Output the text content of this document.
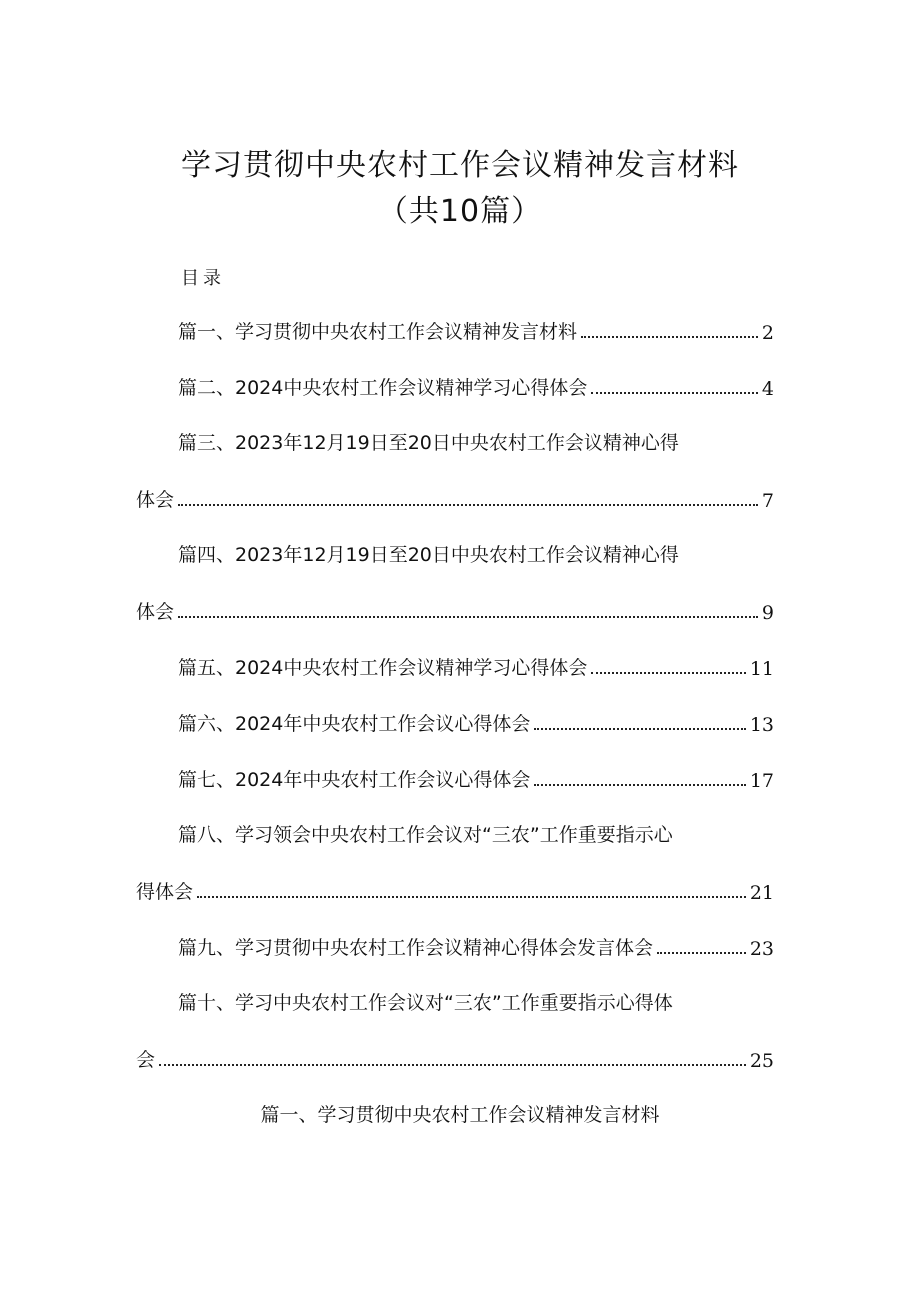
学习贯彻中央农村工作会议精神发言材料
（共10篇）
目录
篇一、学习贯彻中央农村工作会议精神发言材料	2
篇二、2024中央农村工作会议精神学习心得体会	4
篇三、2023年12月19日至20日中央农村工作会议精神心得
体会	7
篇四、2023年12月19日至20日中央农村工作会议精神心得
体会	9
篇五、2024中央农村工作会议精神学习心得体会	11
篇六、2024年中央农村工作会议心得体会	13
篇七、2024年中央农村工作会议心得体会	17
篇八、学习领会中央农村工作会议对“三农”工作重要指示心
得体会	21
篇九、学习贯彻中央农村工作会议精神心得体会发言体会	23
篇十、学习中央农村工作会议对“三农”工作重要指示心得体
会	25
篇一、学习贯彻中央农村工作会议精神发言材料
